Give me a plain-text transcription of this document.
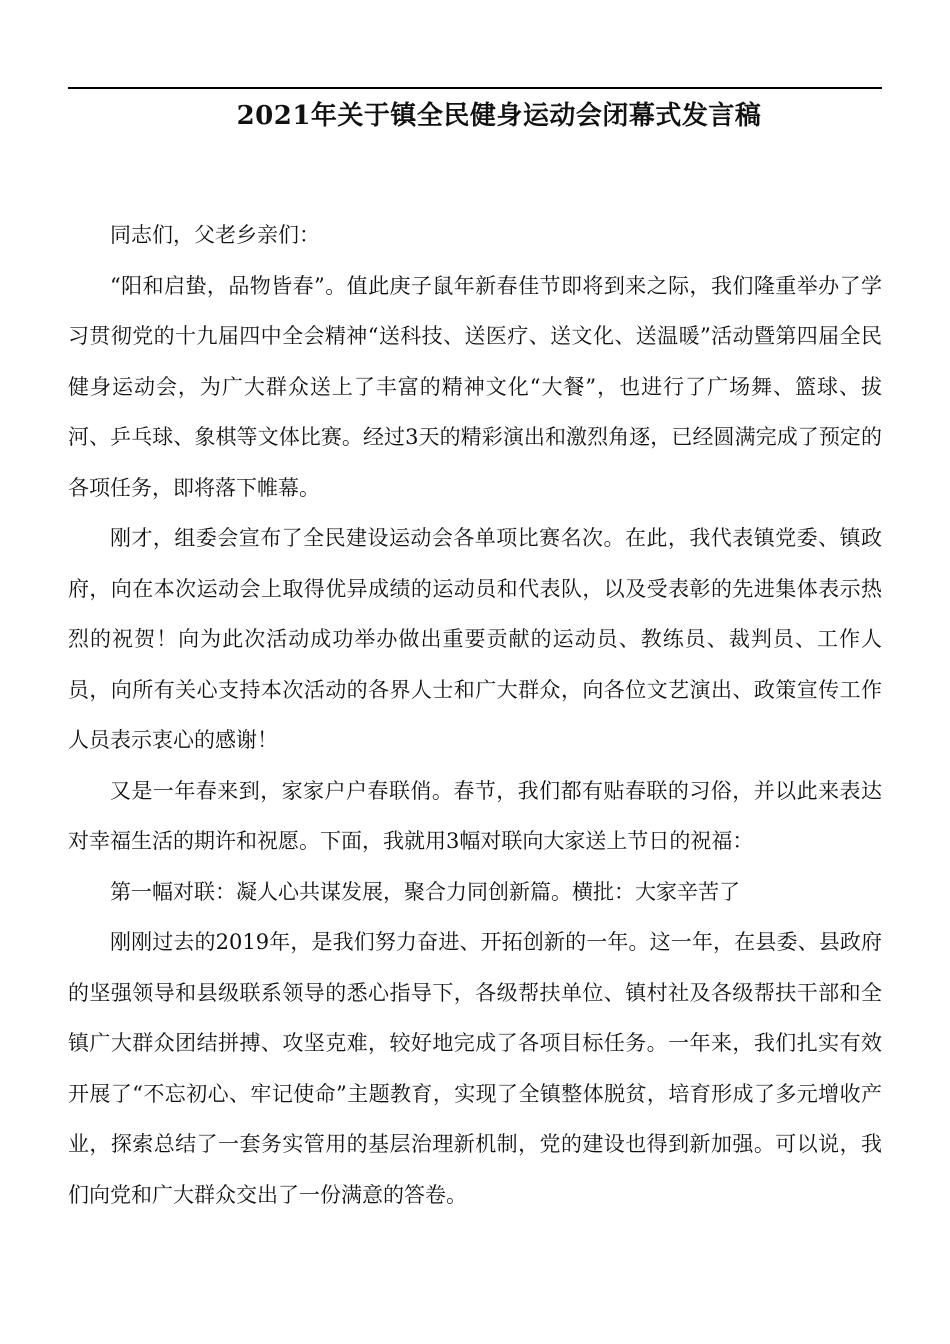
2021年关于镇全民健身运动会闭幕式发言稿

同志们，父老乡亲们：

“阳和启蛰，品物皆春”。值此庚子鼠年新春佳节即将到来之际，我们隆重举办了学习贯彻党的十九届四中全会精神“送科技、送医疗、送文化、送温暖”活动暨第四届全民健身运动会，为广大群众送上了丰富的精神文化“大餐”，也进行了广场舞、篮球、拔河、乒乓球、象棋等文体比赛。经过3天的精彩演出和激烈角逐，已经圆满完成了预定的各项任务，即将落下帷幕。

刚才，组委会宣布了全民建设运动会各单项比赛名次。在此，我代表镇党委、镇政府，向在本次运动会上取得优异成绩的运动员和代表队，以及受表彰的先进集体表示热烈的祝贺！向为此次活动成功举办做出重要贡献的运动员、教练员、裁判员、工作人员，向所有关心支持本次活动的各界人士和广大群众，向各位文艺演出、政策宣传工作人员表示衷心的感谢！

又是一年春来到，家家户户春联俏。春节，我们都有贴春联的习俗，并以此来表达对幸福生活的期许和祝愿。下面，我就用3幅对联向大家送上节日的祝福：

第一幅对联：凝人心共谋发展，聚合力同创新篇。横批：大家辛苦了

刚刚过去的2019年，是我们努力奋进、开拓创新的一年。这一年，在县委、县政府的坚强领导和县级联系领导的悉心指导下，各级帮扶单位、镇村社及各级帮扶干部和全镇广大群众团结拼搏、攻坚克难，较好地完成了各项目标任务。一年来，我们扎实有效开展了“不忘初心、牢记使命”主题教育，实现了全镇整体脱贫，培育形成了多元增收产业，探索总结了一套务实管用的基层治理新机制，党的建设也得到新加强。可以说，我们向党和广大群众交出了一份满意的答卷。
